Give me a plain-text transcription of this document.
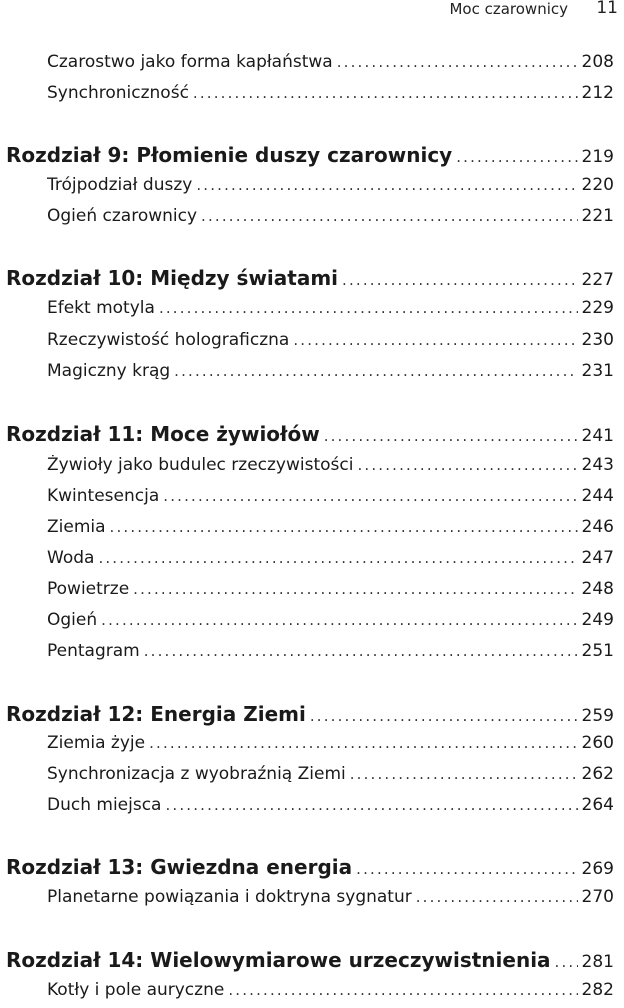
Moc czarownicy 11
Czarostwo jako forma kapłaństwa . . .	208
Synchroniczność . . .	212
Rozdział 9: Płomienie duszy czarownicy . . .	219
Trójpodział duszy . . .	220
Ogień czarownicy . . .	221
Rozdział 10: Między światami . . .	227
Efekt motyla . . .	229
Rzeczywistość holograficzna . . .	230
Magiczny krąg . . .	231
Rozdział 11: Moce żywiołów . . .	241
Żywioły jako budulec rzeczywistości . . .	243
Kwintesencja . . .	244
Ziemia . . .	246
Woda . . .	247
Powietrze . . .	248
Ogień . . .	249
Pentagram . . .	251
Rozdział 12: Energia Ziemi . . .	259
Ziemia żyje . . .	260
Synchronizacja z wyobraźnią Ziemi . . .	262
Duch miejsca . . .	264
Rozdział 13: Gwiezdna energia . . .	269
Planetarne powiązania i doktryna sygnatur . . .	270
Rozdział 14: Wielowymiarowe urzeczywistnienia . . . 281
Kotły i pole auryczne . . .	282
